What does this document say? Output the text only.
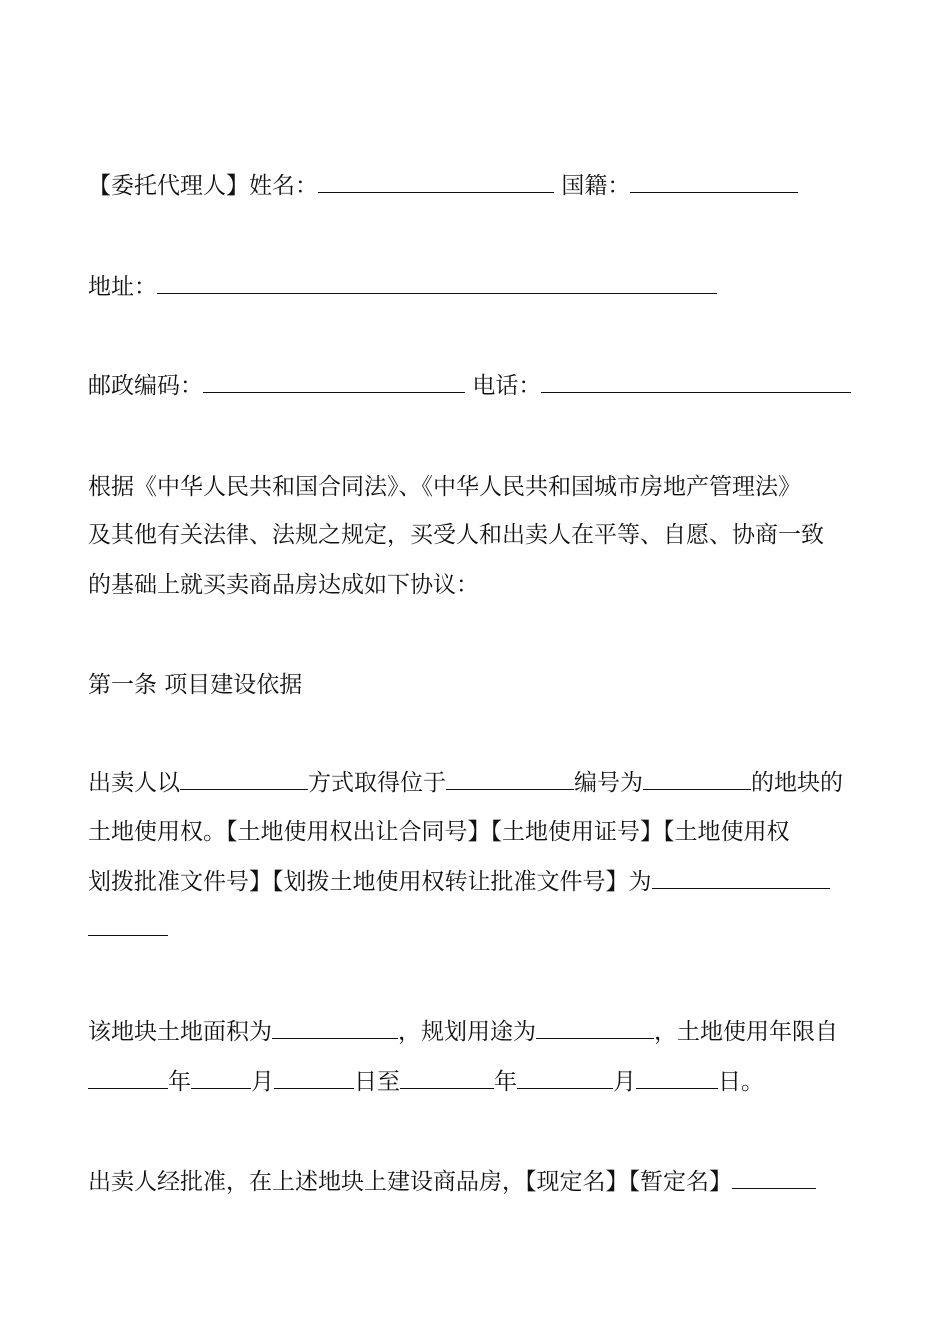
【委托代理人】姓名：	国籍：
地址：
邮政编码：	电话：
根据《中华人民共和国合同法》、《中华人民共和国城市房地产管理法》
及其他有关法律、法规之规定，买受人和出卖人在平等、自愿、协商一致
的基础上就买卖商品房达成如下协议：
第一条 项目建设依据
出卖人以	方式取得位于	编号为	的地块的
土地使用权。【土地使用权出让合同号】【土地使用证号】【土地使用权
划拨批准文件号】【划拨土地使用权转让批准文件号】为
该地块土地面积为	，规划用途为	，土地使用年限自
年	月	日至	年	月	日。
出卖人经批准，在上述地块上建设商品房，【现定名】【暂定名】
